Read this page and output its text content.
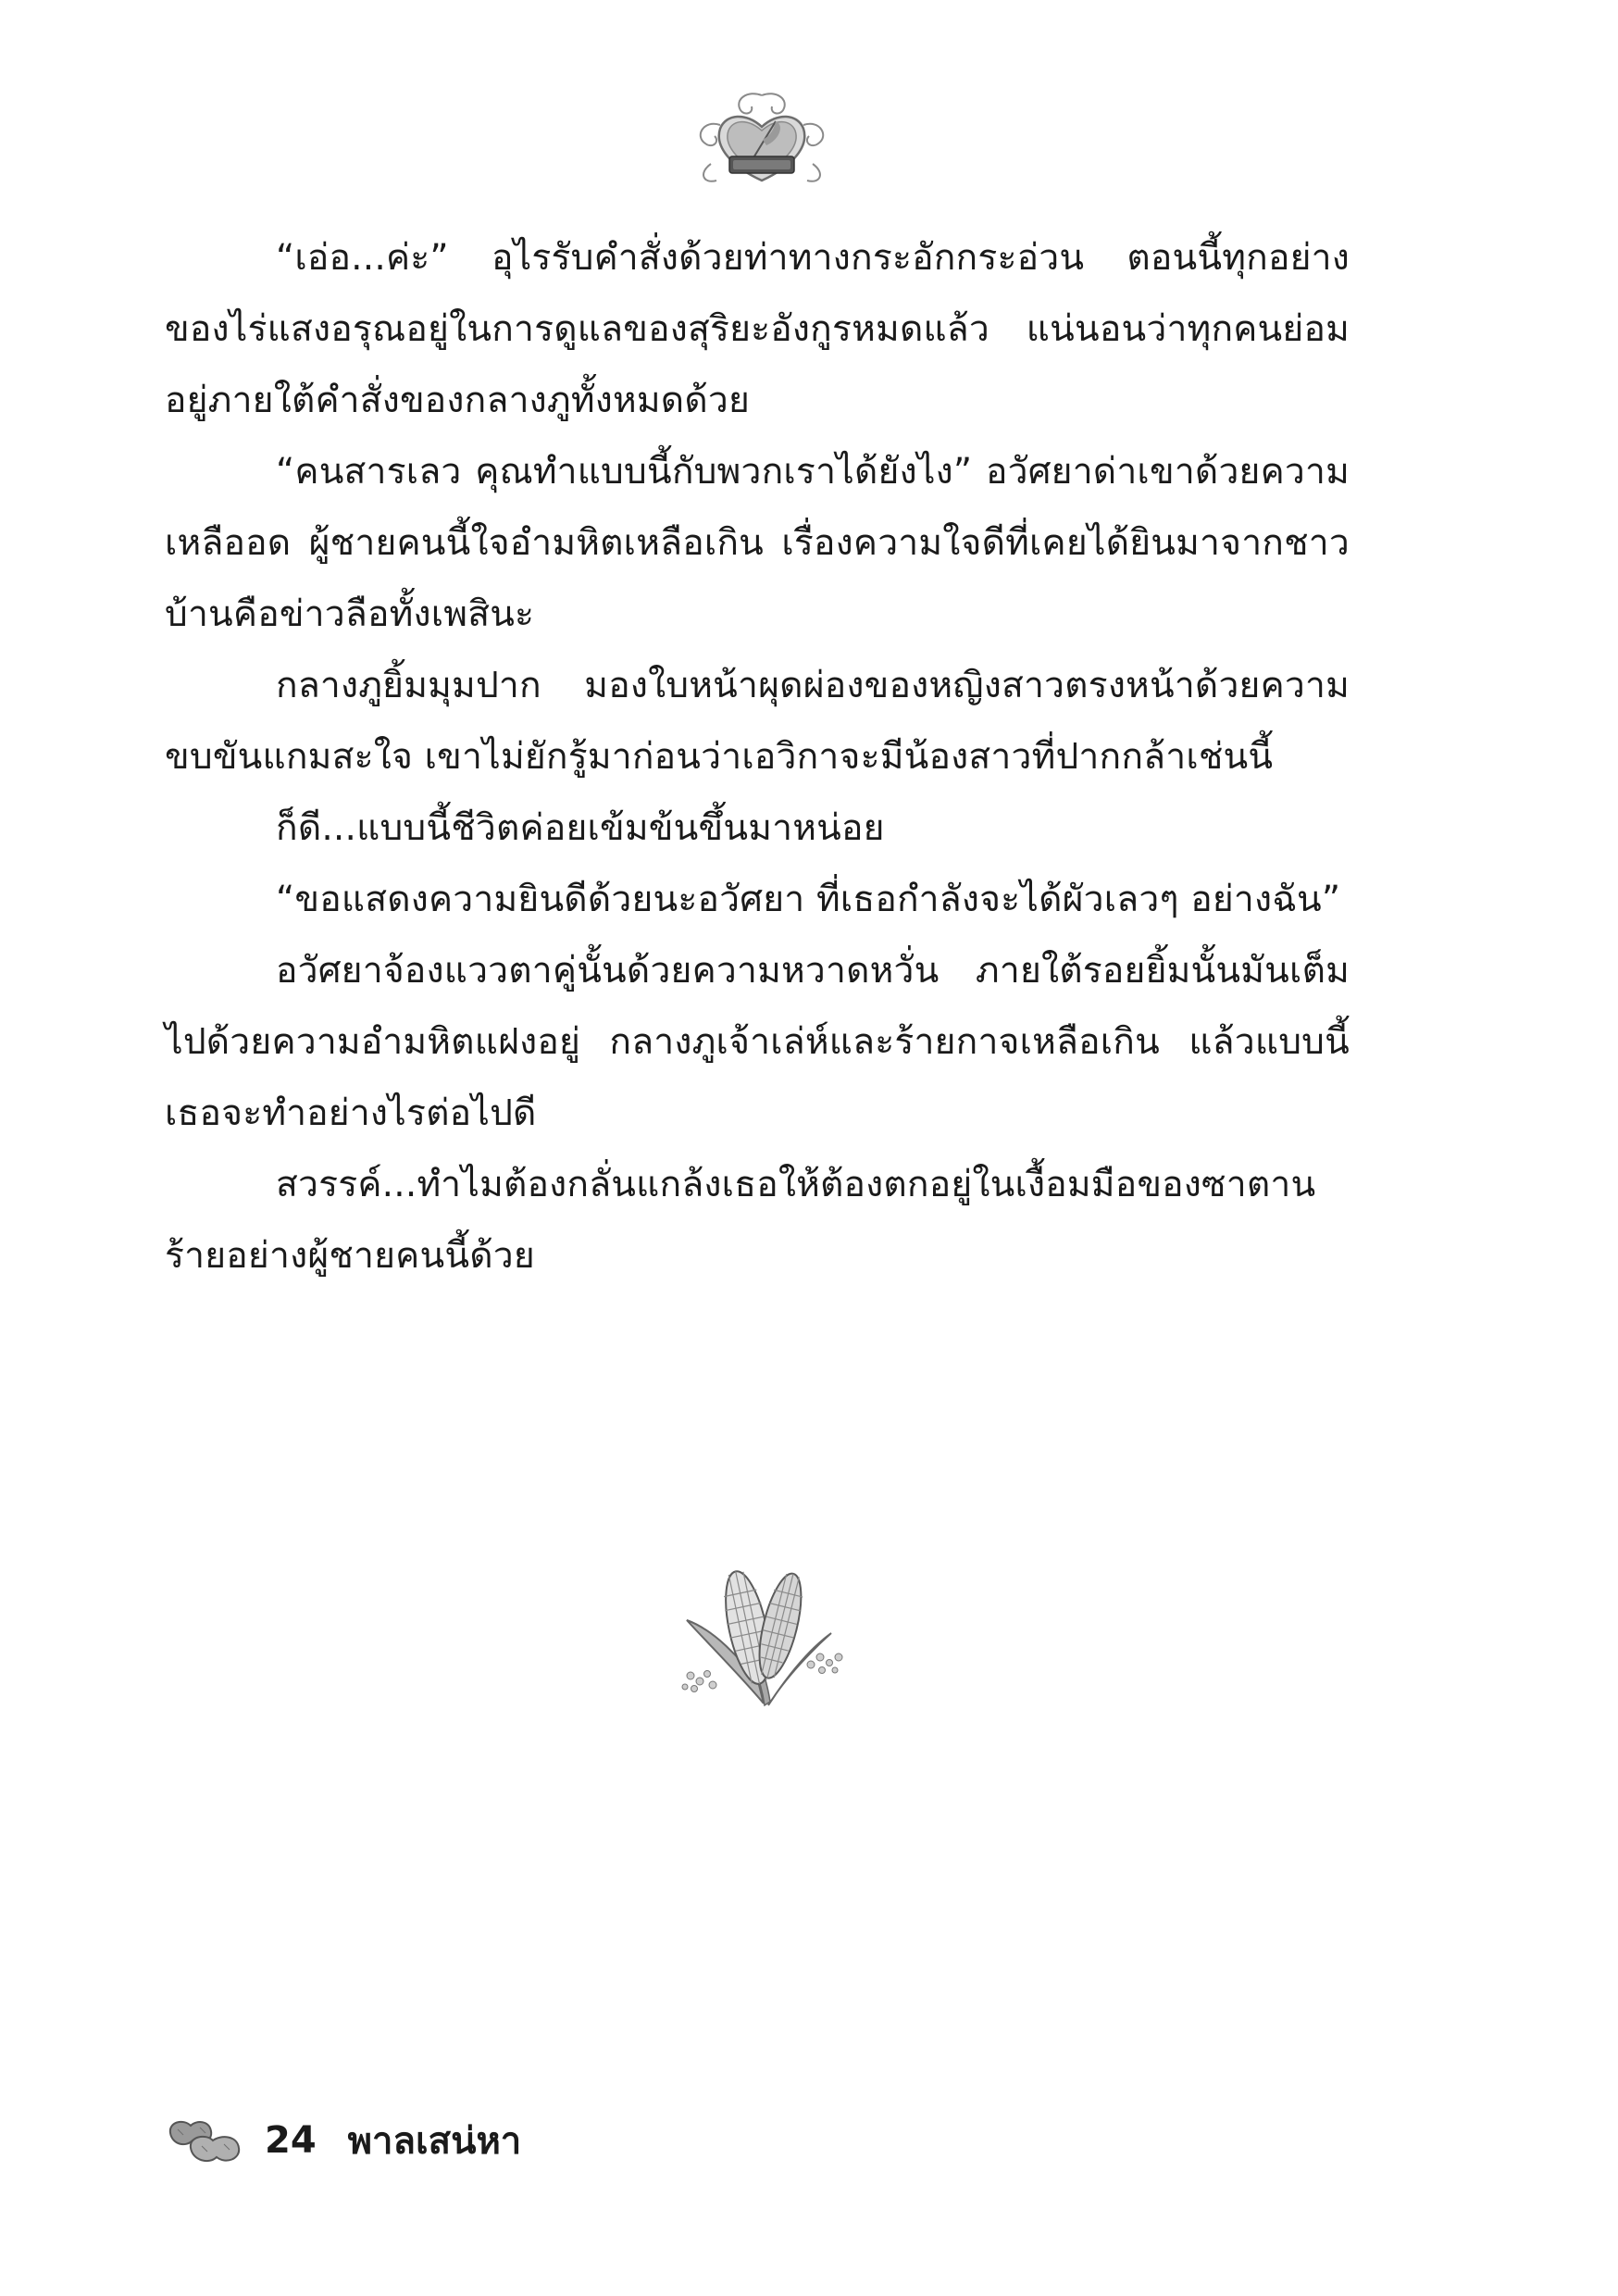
“เอ่อ...ค่ะ” อุไรรับคำสั่งด้วยท่าทางกระอักกระอ่วน ตอนนี้ทุกอย่างของไร่แสงอรุณอยู่ในการดูแลของสุริยะอังกูรหมดแล้ว แน่นอนว่าทุกคนย่อมอยู่ภายใต้คำสั่งของกลางภูทั้งหมดด้วย

“คนสารเลว คุณทำแบบนี้กับพวกเราได้ยังไง” อวัศยาด่าเขาด้วยความเหลืออด ผู้ชายคนนี้ใจอำมหิตเหลือเกิน เรื่องความใจดีที่เคยได้ยินมาจากชาวบ้านคือข่าวลือทั้งเพสินะ

กลางภูยิ้มมุมปาก มองใบหน้าผุดผ่องของหญิงสาวตรงหน้าด้วยความขบขันแกมสะใจ เขาไม่ยักรู้มาก่อนว่าเอวิกาจะมีน้องสาวที่ปากกล้าเช่นนี้

ก็ดี...แบบนี้ชีวิตค่อยเข้มข้นขึ้นมาหน่อย

“ขอแสดงความยินดีด้วยนะอวัศยา ที่เธอกำลังจะได้ผัวเลวๆ อย่างฉัน”

อวัศยาจ้องแววตาคู่นั้นด้วยความหวาดหวั่น ภายใต้รอยยิ้มนั้นมันเต็มไปด้วยความอำมหิตแฝงอยู่ กลางภูเจ้าเล่ห์และร้ายกาจเหลือเกิน แล้วแบบนี้เธอจะทำอย่างไรต่อไปดี

สวรรค์...ทำไมต้องกลั่นแกล้งเธอให้ต้องตกอยู่ในเงื้อมมือของซาตานร้ายอย่างผู้ชายคนนี้ด้วย

24 พาลเสน่หา
